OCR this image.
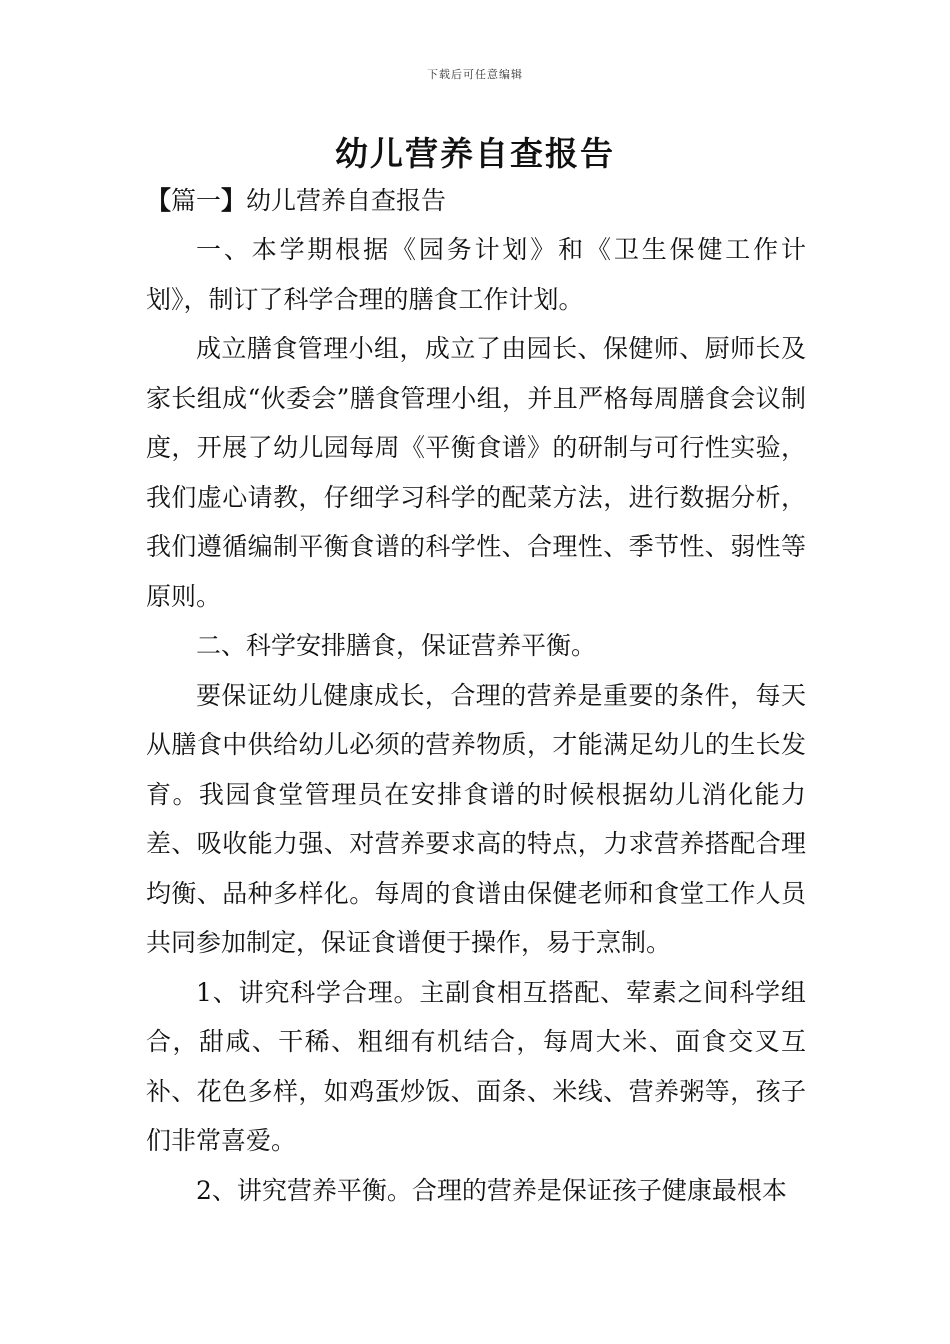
下载后可任意编辑
幼儿营养自查报告
【篇一】幼儿营养自查报告

一、本学期根据《园务计划》和《卫生保健工作计划》，制订了科学合理的膳食工作计划。

成立膳食管理小组，成立了由园长、保健师、厨师长及家长组成“伙委会”膳食管理小组，并且严格每周膳食会议制度，开展了幼儿园每周《平衡食谱》的研制与可行性实验，我们虚心请教，仔细学习科学的配菜方法，进行数据分析，我们遵循编制平衡食谱的科学性、合理性、季节性、弱性等原则。

二、科学安排膳食，保证营养平衡。

要保证幼儿健康成长，合理的营养是重要的条件，每天从膳食中供给幼儿必须的营养物质，才能满足幼儿的生长发育。我园食堂管理员在安排食谱的时候根据幼儿消化能力差、吸收能力强、对营养要求高的特点，力求营养搭配合理均衡、品种多样化。每周的食谱由保健老师和食堂工作人员共同参加制定，保证食谱便于操作，易于烹制。

1、讲究科学合理。主副食相互搭配、荤素之间科学组合，甜咸、干稀、粗细有机结合，每周大米、面食交叉互补、花色多样，如鸡蛋炒饭、面条、米线、营养粥等，孩子们非常喜爱。

2、讲究营养平衡。合理的营养是保证孩子健康最根本
